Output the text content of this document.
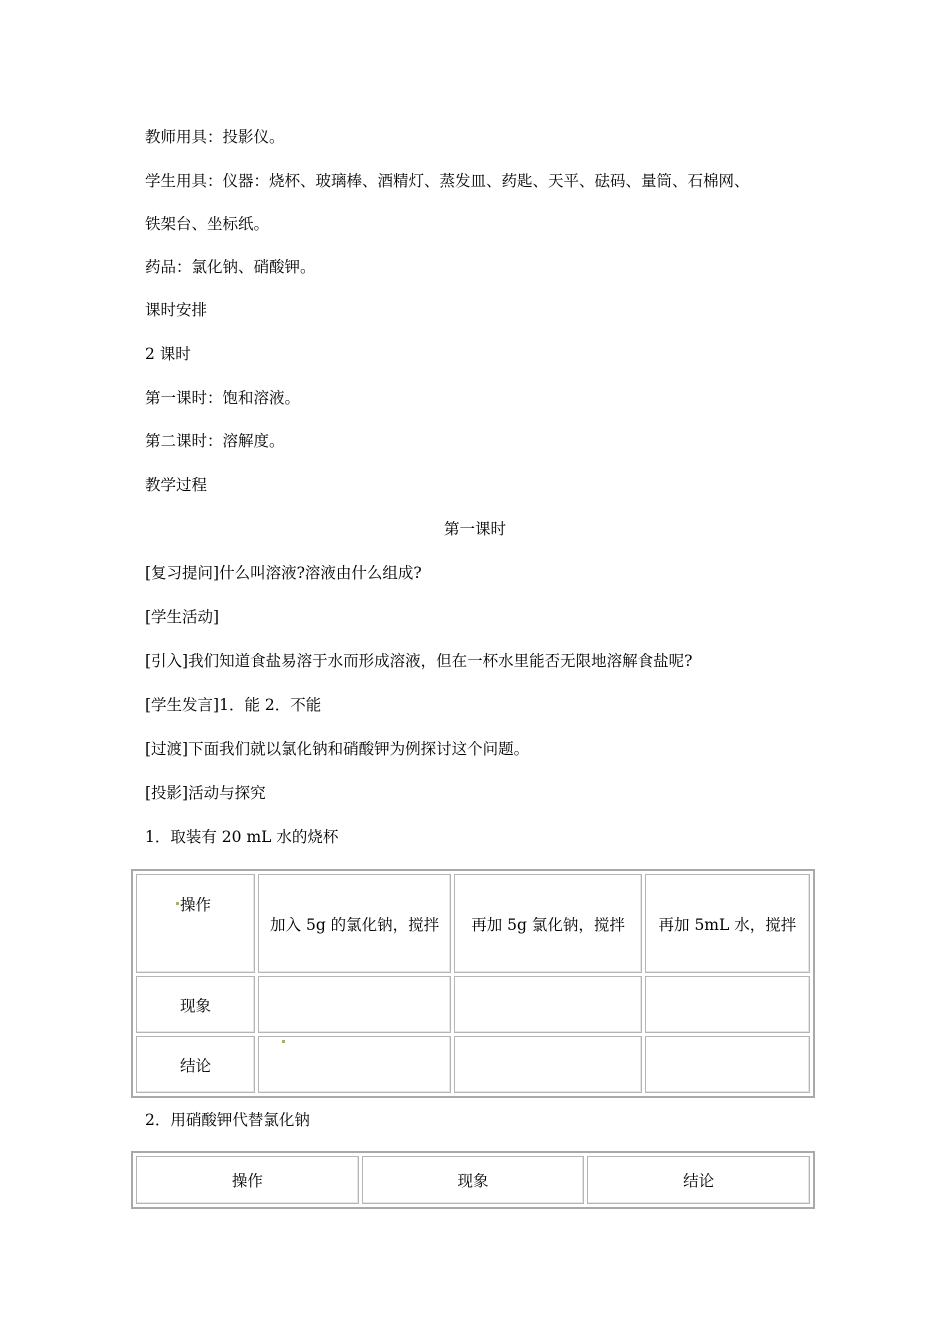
教师用具：投影仪。
学生用具：仪器：烧杯、玻璃棒、酒精灯、蒸发皿、药匙、天平、砝码、量筒、石棉网、
铁架台、坐标纸。
药品：氯化钠、硝酸钾。
课时安排
2 课时
第一课时：饱和溶液。
第二课时：溶解度。
教学过程
第一课时
[复习提问]什么叫溶液?溶液由什么组成?
[学生活动]
[引入]我们知道食盐易溶于水而形成溶液，但在一杯水里能否无限地溶解食盐呢?
[学生发言]1．能 2．不能
[过渡]下面我们就以氯化钠和硝酸钾为例探讨这个问题。
[投影]活动与探究
1．取装有 20 mL 水的烧杯
操作	加入 5g 的氯化钠，搅拌	再加 5g 氯化钠，搅拌	再加 5mL 水，搅拌
现象			
结论			
2．用硝酸钾代替氯化钠
操作	现象	结论
